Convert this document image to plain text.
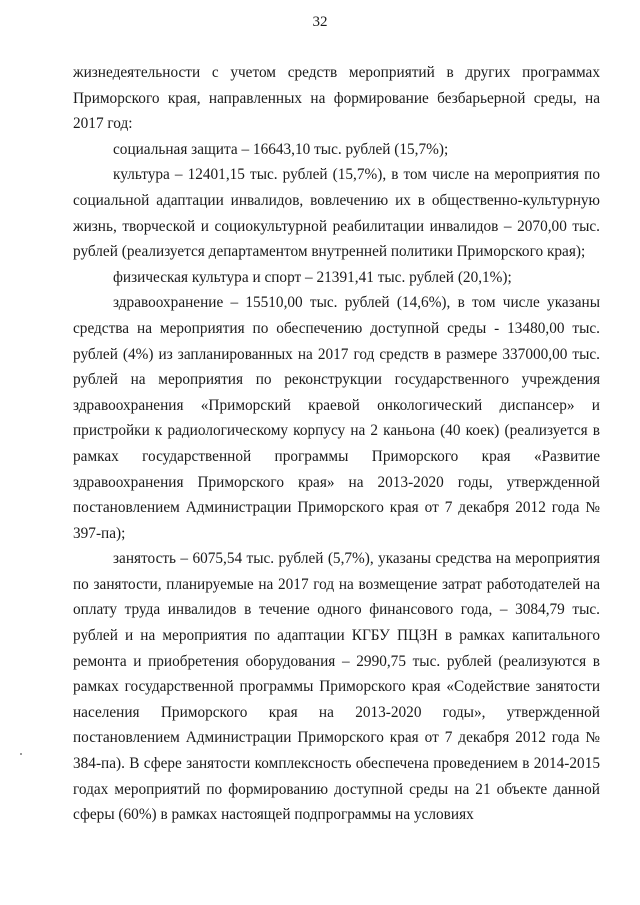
32

жизнедеятельности с учетом средств мероприятий в других программах Приморского края, направленных на формирование безбарьерной среды, на 2017 год:

социальная защита – 16643,10 тыс. рублей (15,7%);

культура – 12401,15 тыс. рублей (15,7%), в том числе на мероприятия по социальной адаптации инвалидов, вовлечению их в общественно-культурную жизнь, творческой и социокультурной реабилитации инвалидов – 2070,00 тыс. рублей (реализуется департаментом внутренней политики Приморского края);

физическая культура и спорт – 21391,41 тыс. рублей (20,1%);

здравоохранение – 15510,00 тыс. рублей (14,6%), в том числе указаны средства на мероприятия по обеспечению доступной среды - 13480,00 тыс. рублей (4%) из запланированных на 2017 год средств в размере 337000,00 тыс. рублей на мероприятия по реконструкции государственного учреждения здравоохранения «Приморский краевой онкологический диспансер» и пристройки к радиологическому корпусу на 2 каньона (40 коек) (реализуется в рамках государственной программы Приморского края «Развитие здравоохранения Приморского края» на 2013-2020 годы, утвержденной постановлением Администрации Приморского края от 7 декабря 2012 года № 397-па);

занятость – 6075,54 тыс. рублей (5,7%), указаны средства на мероприятия по занятости, планируемые на 2017 год на возмещение затрат работодателей на оплату труда инвалидов в течение одного финансового года, – 3084,79 тыс. рублей и на мероприятия по адаптации КГБУ ПЦЗН в рамках капитального ремонта и приобретения оборудования – 2990,75 тыс. рублей (реализуются в рамках государственной программы Приморского края «Содействие занятости населения Приморского края на 2013-2020 годы», утвержденной постановлением Администрации Приморского края от 7 декабря 2012 года № 384-па). В сфере занятости комплексность обеспечена проведением в 2014-2015 годах мероприятий по формированию доступной среды на 21 объекте данной сферы (60%) в рамках настоящей подпрограммы на условиях
